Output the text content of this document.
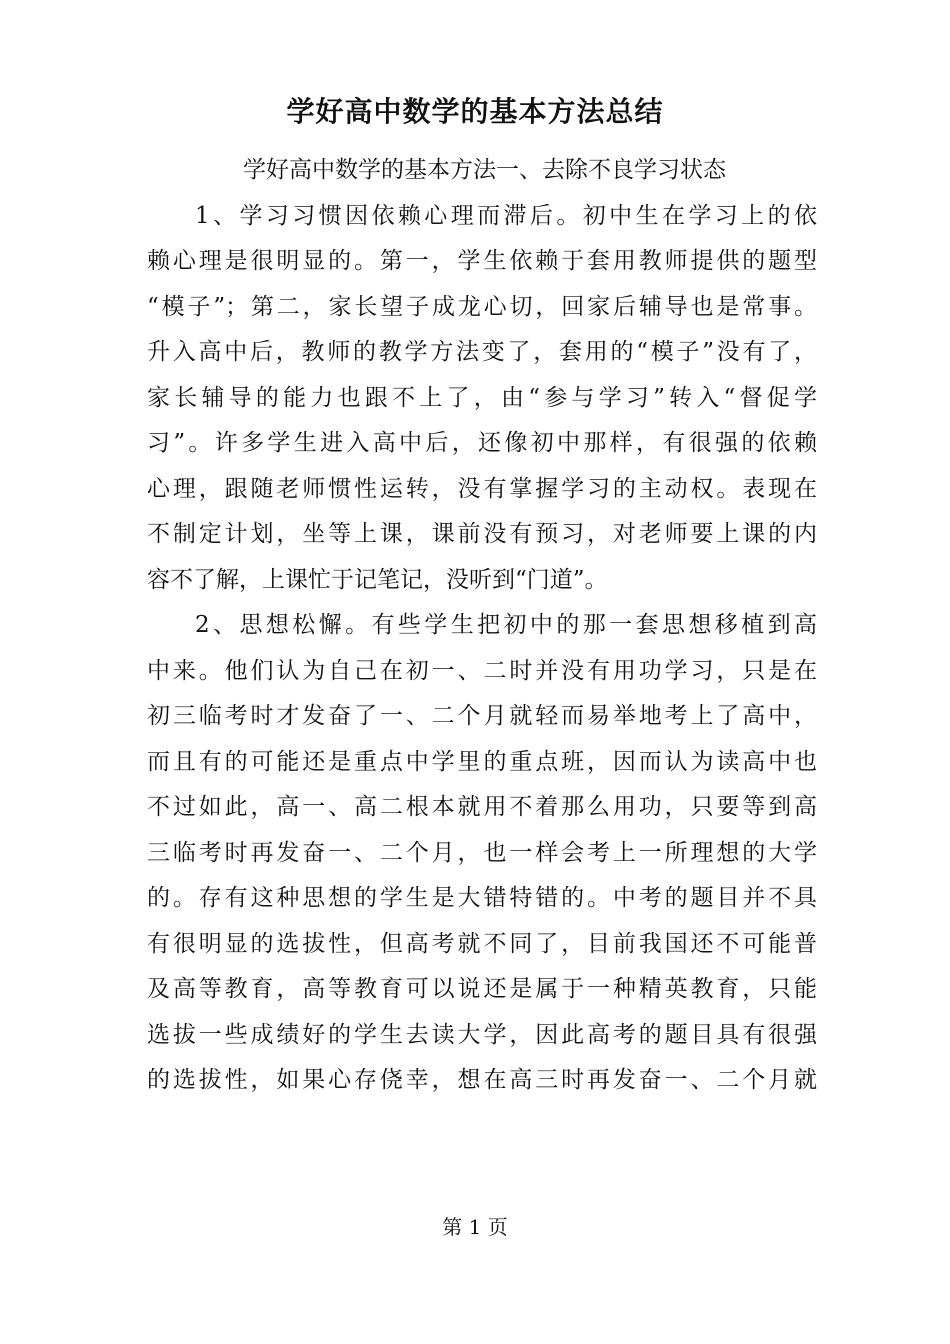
学好高中数学的基本方法总结
学好高中数学的基本方法一、去除不良学习状态
1、学习习惯因依赖心理而滞后。初中生在学习上的依
赖心理是很明显的。第一，学生依赖于套用教师提供的题型
“模子”；第二，家长望子成龙心切，回家后辅导也是常事。
升入高中后，教师的教学方法变了，套用的“模子”没有了，
家长辅导的能力也跟不上了，由“参与学习”转入“督促学
习”。许多学生进入高中后，还像初中那样，有很强的依赖
心理，跟随老师惯性运转，没有掌握学习的主动权。表现在
不制定计划，坐等上课，课前没有预习，对老师要上课的内
容不了解，上课忙于记笔记，没听到“门道”。
2、思想松懈。有些学生把初中的那一套思想移植到高
中来。他们认为自己在初一、二时并没有用功学习，只是在
初三临考时才发奋了一、二个月就轻而易举地考上了高中，
而且有的可能还是重点中学里的重点班，因而认为读高中也
不过如此，高一、高二根本就用不着那么用功，只要等到高
三临考时再发奋一、二个月，也一样会考上一所理想的大学
的。存有这种思想的学生是大错特错的。中考的题目并不具
有很明显的选拔性，但高考就不同了，目前我国还不可能普
及高等教育，高等教育可以说还是属于一种精英教育，只能
选拔一些成绩好的学生去读大学，因此高考的题目具有很强
的选拔性，如果心存侥幸，想在高三时再发奋一、二个月就
第 1 页
